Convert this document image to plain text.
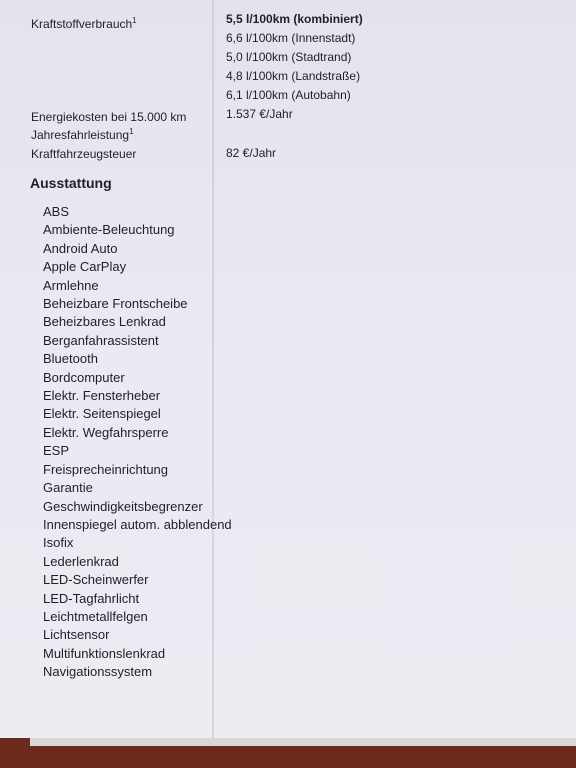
Kraftstoffverbrauch$^1$	5,5 l/100km (kombiniert)
6,6 l/100km (Innenstadt)
5,0 l/100km (Stadtrand)
4,8 l/100km (Landstraße)
6,1 l/100km (Autobahn)
Energiekosten bei 15.000 km
Jahresfahrleistung$^1$
1.537 €/Jahr
Kraftfahrzeugsteuer	82 €/Jahr
Ausstattung
ABS
Ambiente-Beleuchtung
Android Auto
Apple CarPlay
Armlehne
Beheizbare Frontscheibe
Beheizbares Lenkrad
Berganfahrassistent
Bluetooth
Bordcomputer
Elektr. Fensterheber
Elektr. Seitenspiegel
Elektr. Wegfahrsperre
ESP
Freisprecheinrichtung
Garantie
Geschwindigkeitsbegrenzer
Innenspiegel autom. abblendend
Isofix
Lederlenkrad
LED-Scheinwerfer
LED-Tagfahrlicht
Leichtmetallfelgen
Lichtsensor
Multifunktionslenkrad
Navigationssystem
